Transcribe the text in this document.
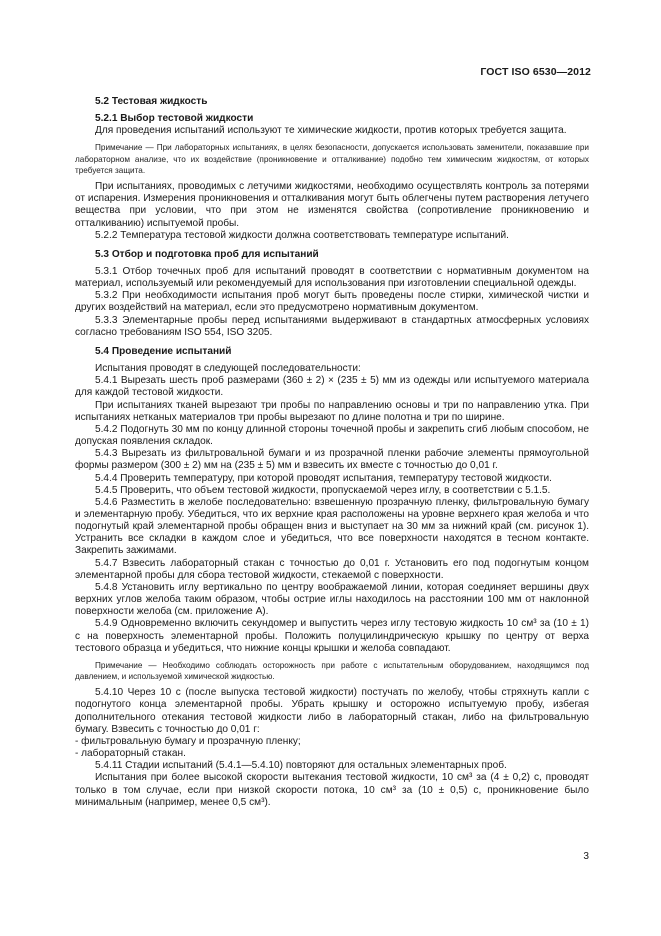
ГОСТ ISO 6530—2012

5.2 Тестовая жидкость

5.2.1 Выбор тестовой жидкости

Для проведения испытаний используют те химические жидкости, против которых требуется защита.

Примечание — При лабораторных испытаниях, в целях безопасности, допускается использовать заменители, показавшие при лабораторном анализе, что их воздействие (проникновение и отталкивание) подобно тем химическим жидкостям, от которых требуется защита.

При испытаниях, проводимых с летучими жидкостями, необходимо осуществлять контроль за потерями от испарения. Измерения проникновения и отталкивания могут быть облегчены путем растворения летучего вещества при условии, что при этом не изменятся свойства (сопротивление проникновению и отталкиванию) испытуемой пробы.

5.2.2 Температура тестовой жидкости должна соответствовать температуре испытаний.

5.3 Отбор и подготовка проб для испытаний

5.3.1 Отбор точечных проб для испытаний проводят в соответствии с нормативным документом на материал, используемый или рекомендуемый для использования при изготовлении специальной одежды.

5.3.2 При необходимости испытания проб могут быть проведены после стирки, химической чистки и других воздействий на материал, если это предусмотрено нормативным документом.

5.3.3 Элементарные пробы перед испытаниями выдерживают в стандартных атмосферных условиях согласно требованиям ISO 554, ISO 3205.

5.4 Проведение испытаний

Испытания проводят в следующей последовательности:

5.4.1 Вырезать шесть проб размерами (360 ± 2) × (235 ± 5) мм из одежды или испытуемого материала для каждой тестовой жидкости.

При испытаниях тканей вырезают три пробы по направлению основы и три по направлению утка. При испытаниях нетканых материалов три пробы вырезают по длине полотна и три по ширине.

5.4.2 Подогнуть 30 мм по концу длинной стороны точечной пробы и закрепить сгиб любым способом, не допуская появления складок.

5.4.3 Вырезать из фильтровальной бумаги и из прозрачной пленки рабочие элементы прямоугольной формы размером (300 ± 2) мм на (235 ± 5) мм и взвесить их вместе с точностью до 0,01 г.

5.4.4 Проверить температуру, при которой проводят испытания, температуру тестовой жидкости.

5.4.5 Проверить, что объем тестовой жидкости, пропускаемой через иглу, в соответствии с 5.1.5.

5.4.6 Разместить в желобе последовательно: взвешенную прозрачную пленку, фильтровальную бумагу и элементарную пробу. Убедиться, что их верхние края расположены на уровне верхнего края желоба и что подогнутый край элементарной пробы обращен вниз и выступает на 30 мм за нижний край (см. рисунок 1). Устранить все складки в каждом слое и убедиться, что все поверхности находятся в тесном контакте. Закрепить зажимами.

5.4.7 Взвесить лабораторный стакан с точностью до 0,01 г. Установить его под подогнутым концом элементарной пробы для сбора тестовой жидкости, стекаемой с поверхности.

5.4.8 Установить иглу вертикально по центру воображаемой линии, которая соединяет вершины двух верхних углов желоба таким образом, чтобы острие иглы находилось на расстоянии 100 мм от наклонной поверхности желоба (см. приложение А).

5.4.9 Одновременно включить секундомер и выпустить через иглу тестовую жидкость 10 см³ за (10 ± 1) с на поверхность элементарной пробы. Положить полуцилиндрическую крышку по центру от верха тестового образца и убедиться, что нижние концы крышки и желоба совпадают.

Примечание — Необходимо соблюдать осторожность при работе с испытательным оборудованием, находящимся под давлением, и используемой химической жидкостью.

5.4.10 Через 10 с (после выпуска тестовой жидкости) постучать по желобу, чтобы стряхнуть капли с подогнутого конца элементарной пробы. Убрать крышку и осторожно испытуемую пробу, избегая дополнительного отекания тестовой жидкости либо в лабораторный стакан, либо на фильтровальную бумагу. Взвесить с точностью до 0,01 г:

- фильтровальную бумагу и прозрачную пленку;

- лабораторный стакан.

5.4.11 Стадии испытаний (5.4.1—5.4.10) повторяют для остальных элементарных проб.

Испытания при более высокой скорости вытекания тестовой жидкости, 10 см³ за (4 ± 0,2) с, проводят только в том случае, если при низкой скорости потока, 10 см³ за (10 ± 0,5) с, проникновение было минимальным (например, менее 0,5 см³).

3
